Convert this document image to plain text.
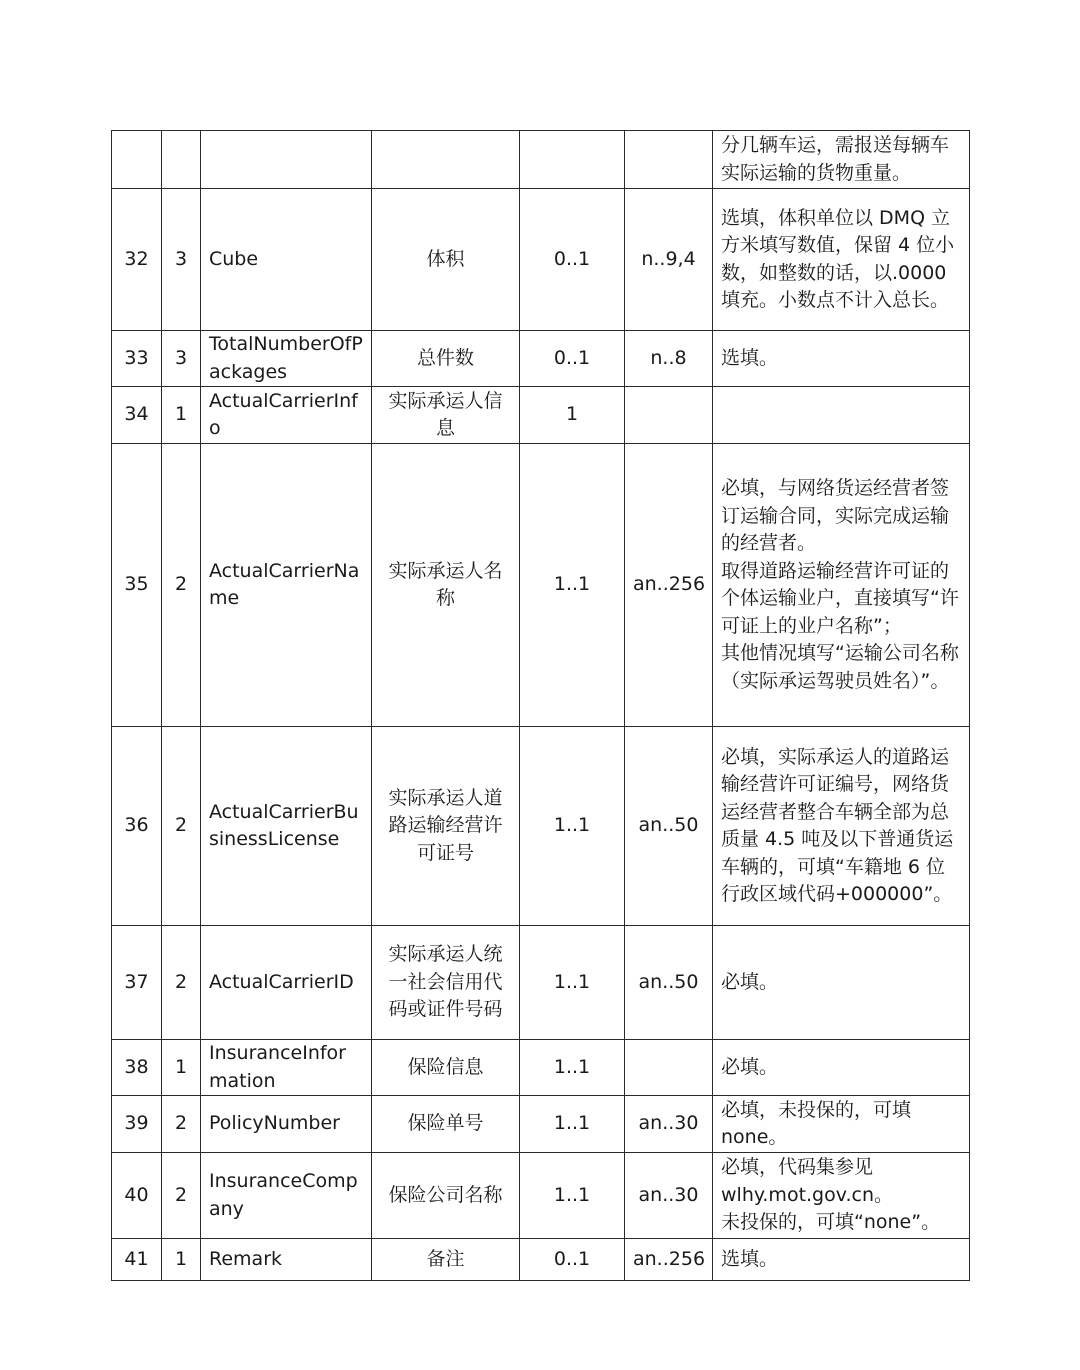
						分几辆车运，需报送每辆车实际运输的货物重量。
32	3	Cube	体积	0..1	n..9,4	选填，体积单位以 DMQ 立方米填写数值，保留 4 位小数，如整数的话，以.0000 填充。小数点不计入总长。
33	3	TotalNumberOfPackages	总件数	0..1	n..8	选填。
34	1	ActualCarrierInfo	实际承运人信息	1		
35	2	ActualCarrierName	实际承运人名称	1..1	an..256	必填，与网络货运经营者签订运输合同，实际完成运输的经营者。
取得道路运输经营许可证的个体运输业户，直接填写“许可证上的业户名称”；
其他情况填写“运输公司名称（实际承运驾驶员姓名）”。
36	2	ActualCarrierBusinessLicense	实际承运人道路运输经营许可证号	1..1	an..50	必填，实际承运人的道路运输经营许可证编号，网络货运经营者整合车辆全部为总质量 4.5 吨及以下普通货运车辆的，可填“车籍地 6 位行政区域代码+000000”。
37	2	ActualCarrierID	实际承运人统一社会信用代码或证件号码	1..1	an..50	必填。
38	1	InsuranceInformation	保险信息	1..1		必填。
39	2	PolicyNumber	保险单号	1..1	an..30	必填，未投保的，可填 none。
40	2	InsuranceCompany	保险公司名称	1..1	an..30	必填，代码集参见 wlhy.mot.gov.cn。
未投保的，可填“none”。
41	1	Remark	备注	0..1	an..256	选填。
